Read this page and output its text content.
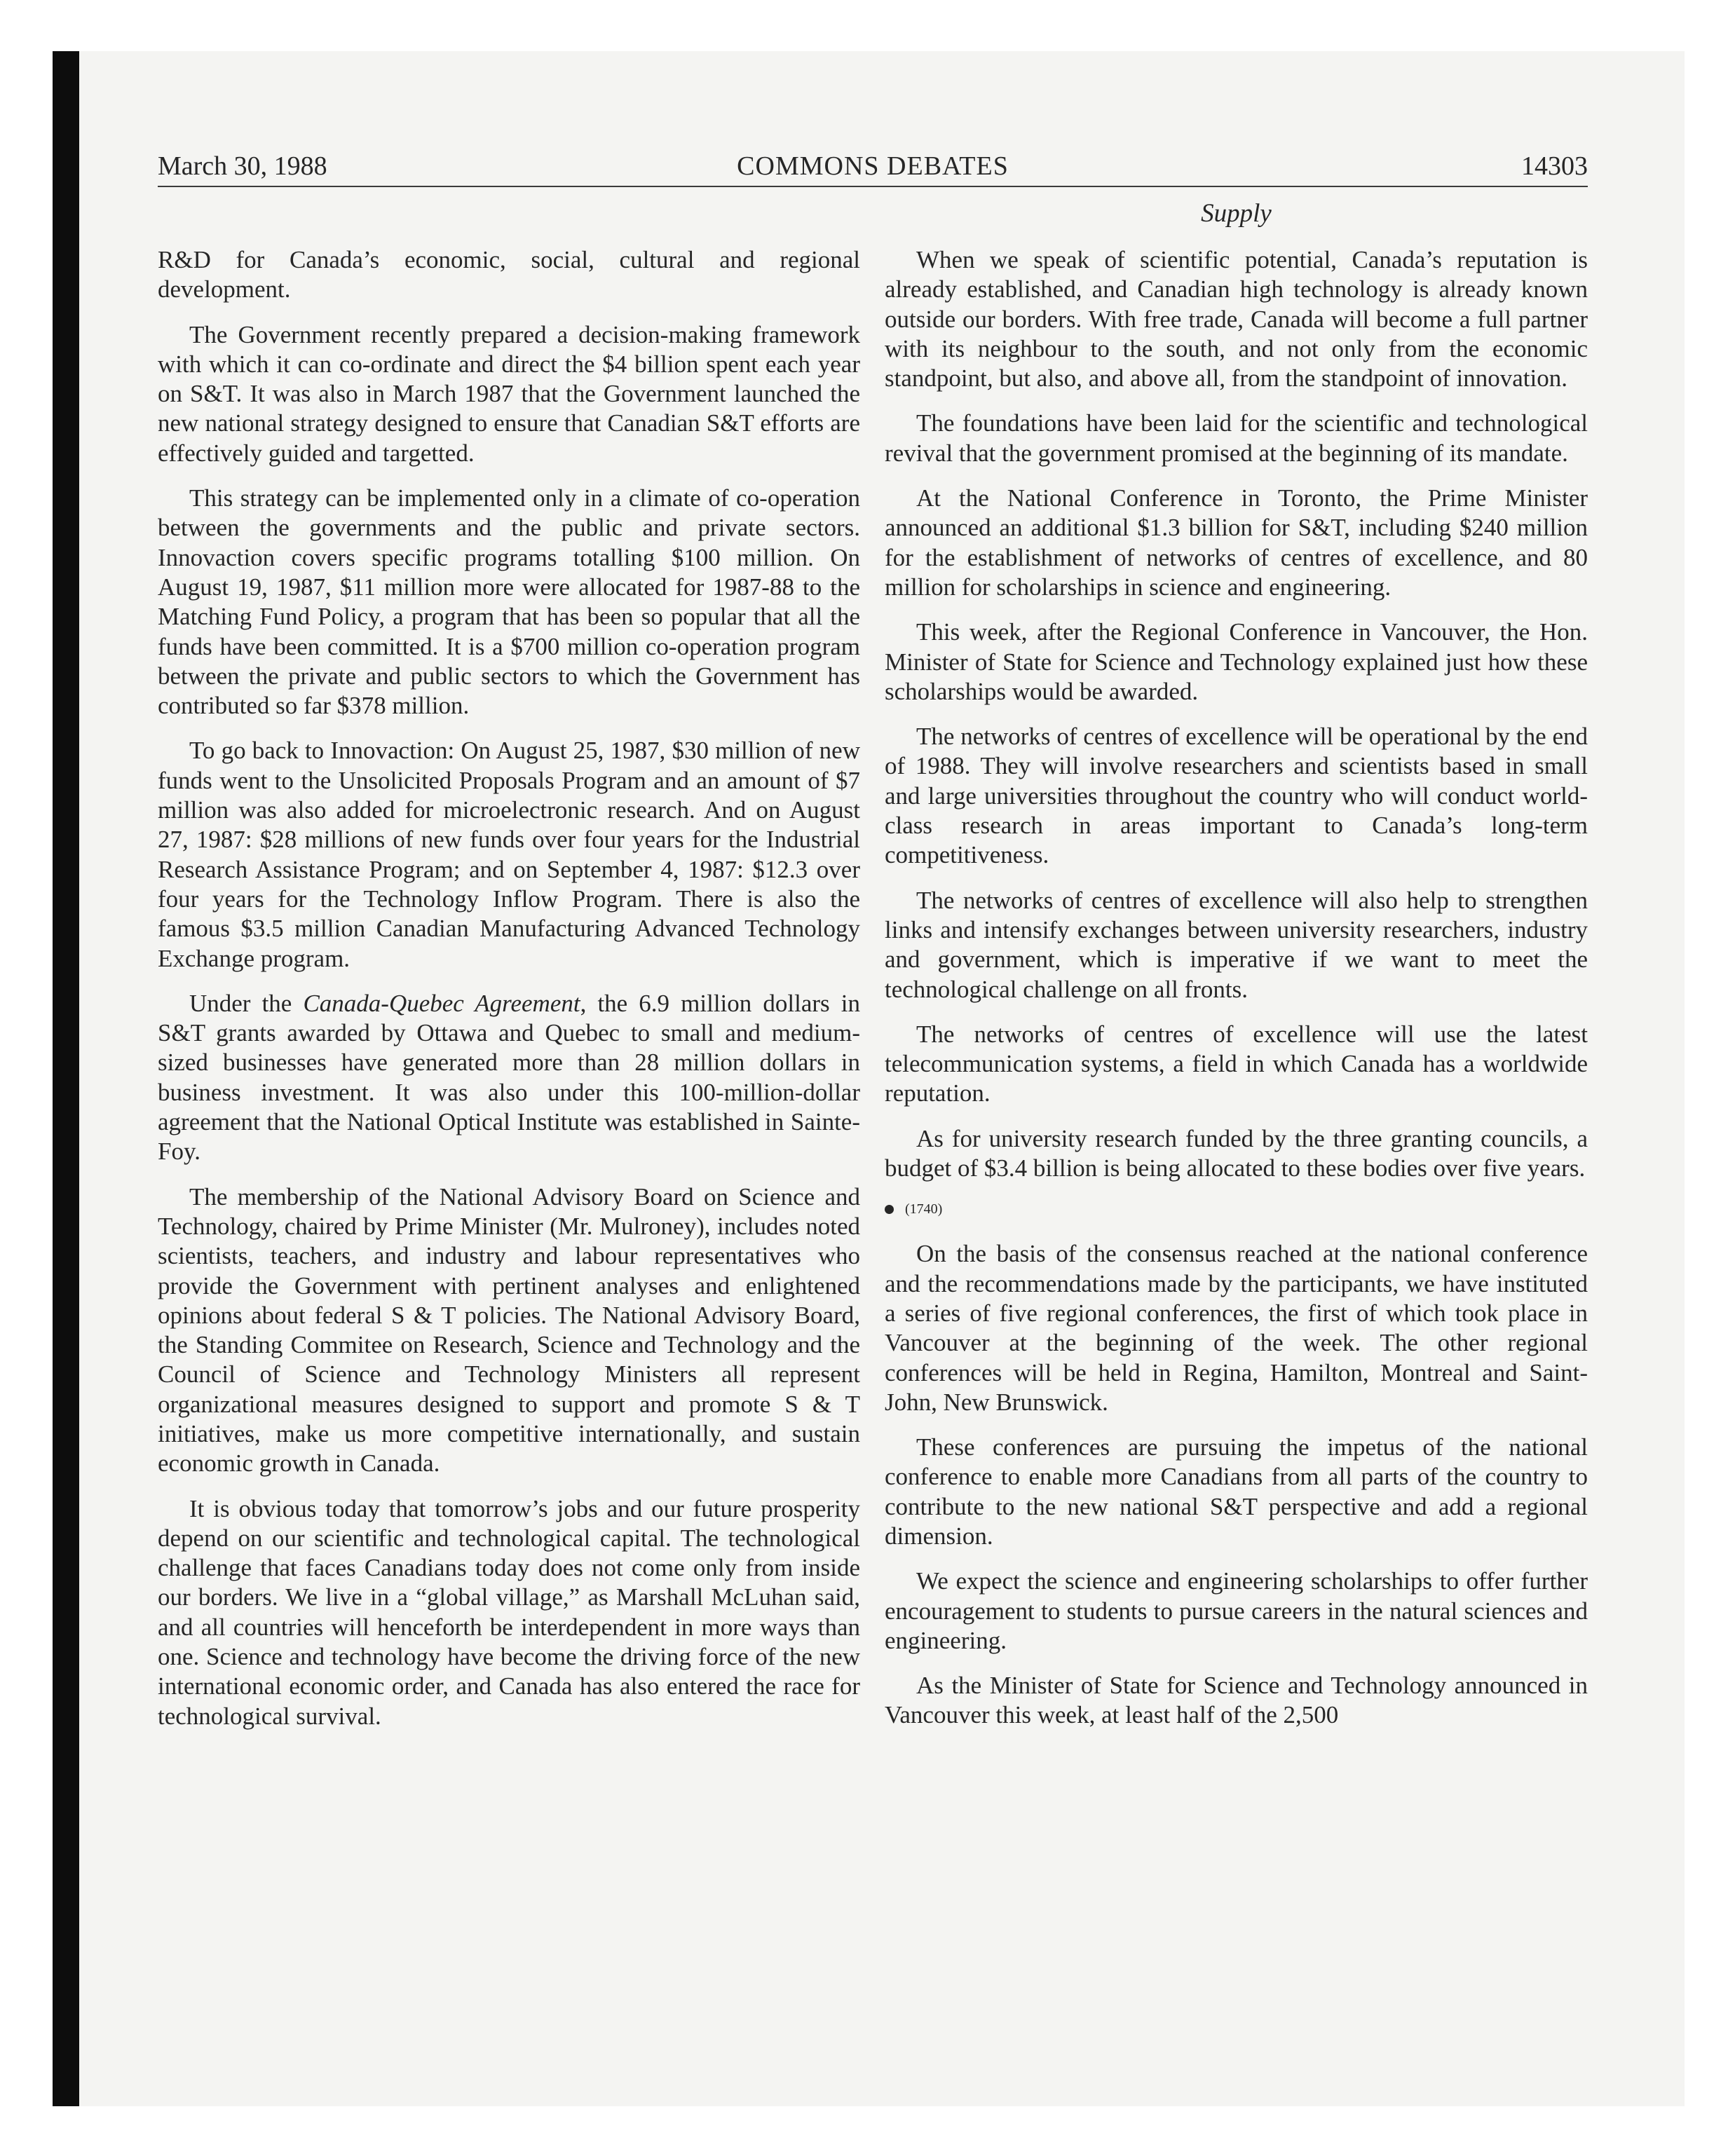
March 30, 1988	COMMONS DEBATES	14303
Supply

R&D for Canada’s economic, social, cultural and regional development.

The Government recently prepared a decision-making framework with which it can co-ordinate and direct the $4 billion spent each year on S&T. It was also in March 1987 that the Government launched the new national strategy designed to ensure that Canadian S&T efforts are effectively guided and targetted.

This strategy can be implemented only in a climate of co-operation between the governments and the public and private sectors. Innovaction covers specific programs totalling $100 million. On August 19, 1987, $11 million more were allocated for 1987-88 to the Matching Fund Policy, a program that has been so popular that all the funds have been committed. It is a $700 million co-operation program between the private and public sectors to which the Government has contributed so far $378 million.

To go back to Innovaction: On August 25, 1987, $30 million of new funds went to the Unsolicited Proposals Program and an amount of $7 million was also added for microelectronic research. And on August 27, 1987: $28 millions of new funds over four years for the Industrial Research Assistance Program; and on September 4, 1987: $12.3 over four years for the Technology Inflow Program. There is also the famous $3.5 million Canadian Manufacturing Advanced Technology Exchange program.

Under the Canada-Quebec Agreement, the 6.9 million dollars in S&T grants awarded by Ottawa and Quebec to small and medium-sized businesses have generated more than 28 million dollars in business investment. It was also under this 100-million-dollar agreement that the National Optical Institute was established in Sainte-Foy.

The membership of the National Advisory Board on Science and Technology, chaired by Prime Minister (Mr. Mulroney), includes noted scientists, teachers, and industry and labour representatives who provide the Government with pertinent analyses and enlightened opinions about federal S & T policies. The National Advisory Board, the Standing Commitee on Research, Science and Technology and the Council of Science and Technology Ministers all represent organizational measures designed to support and promote S & T initiatives, make us more competitive internationally, and sustain economic growth in Canada.

It is obvious today that tomorrow’s jobs and our future prosperity depend on our scientific and technological capital. The technological challenge that faces Canadians today does not come only from inside our borders. We live in a “global village,” as Marshall McLuhan said, and all countries will henceforth be interdependent in more ways than one. Science and technology have become the driving force of the new international economic order, and Canada has also entered the race for technological survival.

When we speak of scientific potential, Canada’s reputation is already established, and Canadian high technology is already known outside our borders. With free trade, Canada will become a full partner with its neighbour to the south, and not only from the economic standpoint, but also, and above all, from the standpoint of innovation.

The foundations have been laid for the scientific and technological revival that the government promised at the beginning of its mandate.

At the National Conference in Toronto, the Prime Minister announced an additional $1.3 billion for S&T, including $240 million for the establishment of networks of centres of excellence, and 80 million for scholarships in science and engineering.

This week, after the Regional Conference in Vancouver, the Hon. Minister of State for Science and Technology explained just how these scholarships would be awarded.

The networks of centres of excellence will be operational by the end of 1988. They will involve researchers and scientists based in small and large universities throughout the country who will conduct world-class research in areas important to Canada’s long-term competitiveness.

The networks of centres of excellence will also help to strengthen links and intensify exchanges between university researchers, industry and government, which is imperative if we want to meet the technological challenge on all fronts.

The networks of centres of excellence will use the latest telecommunication systems, a field in which Canada has a worldwide reputation.

As for university research funded by the three granting councils, a budget of $3.4 billion is being allocated to these bodies over five years.

(1740)

On the basis of the consensus reached at the national conference and the recommendations made by the participants, we have instituted a series of five regional conferences, the first of which took place in Vancouver at the beginning of the week. The other regional conferences will be held in Regina, Hamilton, Montreal and Saint-John, New Brunswick.

These conferences are pursuing the impetus of the national conference to enable more Canadians from all parts of the country to contribute to the new national S&T perspective and add a regional dimension.

We expect the science and engineering scholarships to offer further encouragement to students to pursue careers in the natural sciences and engineering.

As the Minister of State for Science and Technology announced in Vancouver this week, at least half of the 2,500
